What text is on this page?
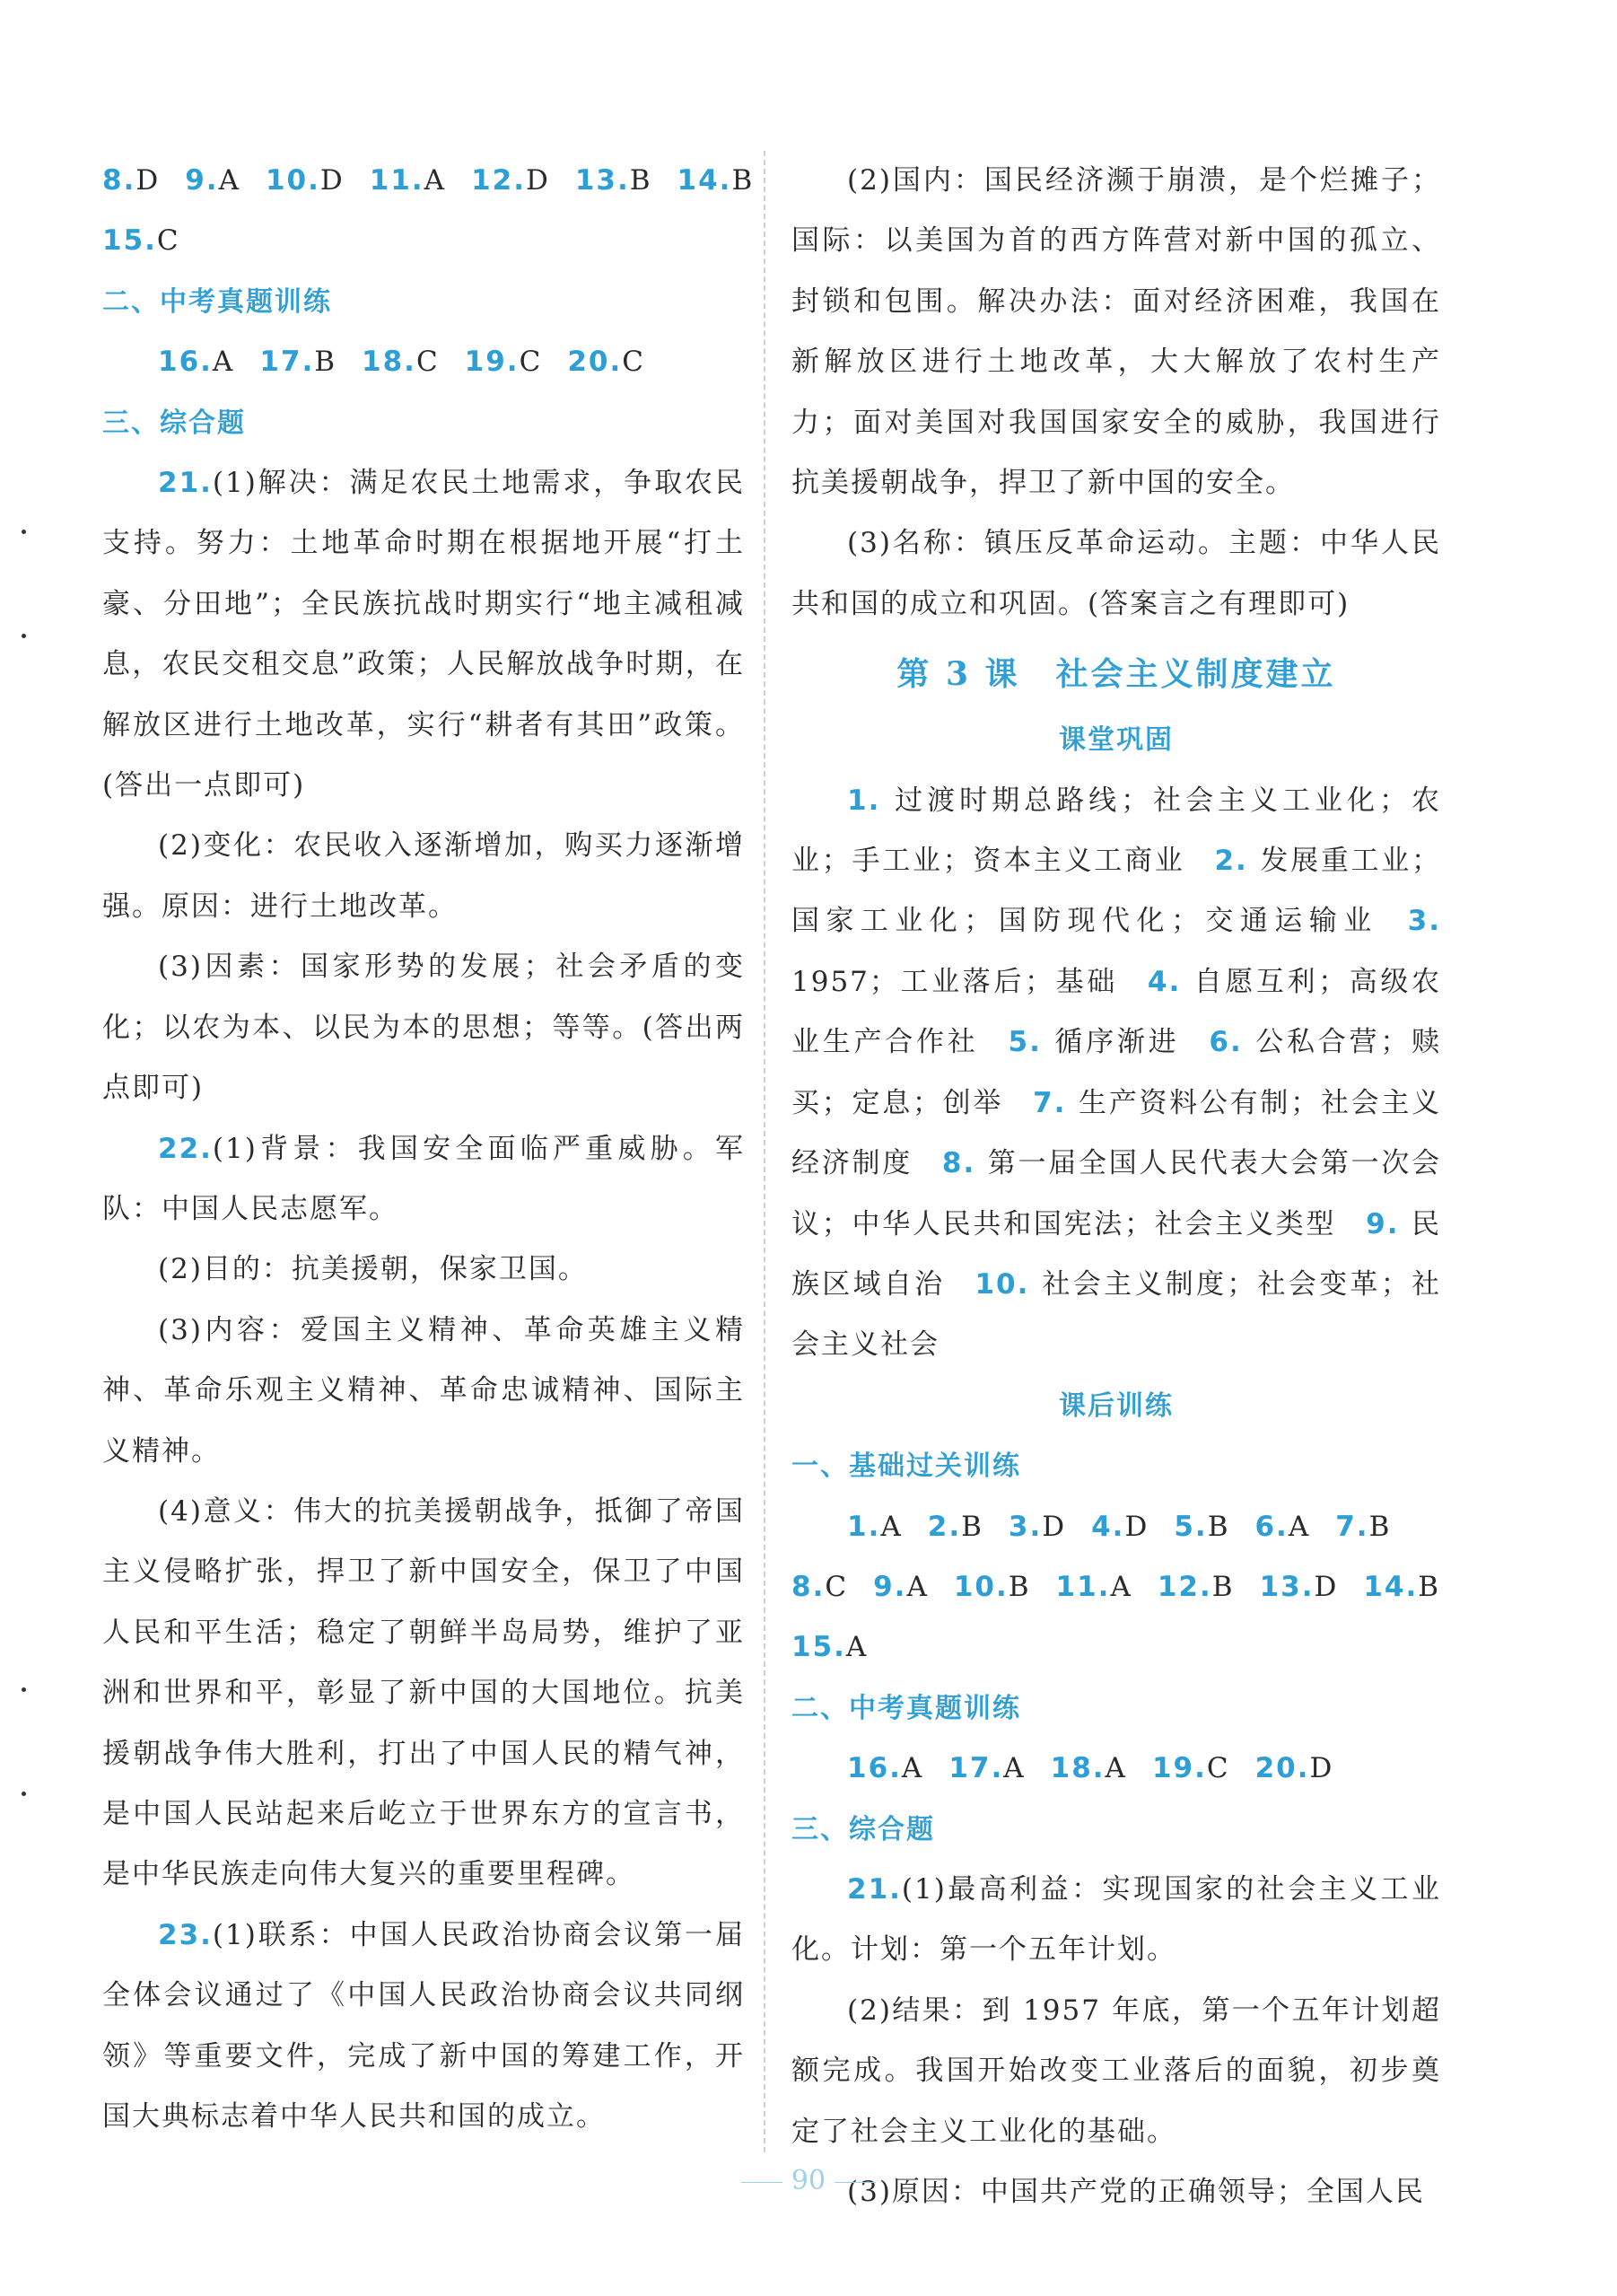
8.D 9.A 10.D 11.A 12.D 13.B 14.B

15.C

二、中考真题训练

16.A 17.B 18.C 19.C 20.C

三、综合题

21.(1)解决：满足农民土地需求，争取农民支持。努力：土地革命时期在根据地开展“打土豪、分田地”；全民族抗战时期实行“地主减租减息，农民交租交息”政策；人民解放战争时期，在解放区进行土地改革，实行“耕者有其田”政策。(答出一点即可)

(2)变化：农民收入逐渐增加，购买力逐渐增强。原因：进行土地改革。

(3)因素：国家形势的发展；社会矛盾的变化；以农为本、以民为本的思想；等等。(答出两点即可)

22.(1)背景：我国安全面临严重威胁。军队：中国人民志愿军。

(2)目的：抗美援朝，保家卫国。

(3)内容：爱国主义精神、革命英雄主义精神、革命乐观主义精神、革命忠诚精神、国际主义精神。

(4)意义：伟大的抗美援朝战争，抵御了帝国主义侵略扩张，捍卫了新中国安全，保卫了中国人民和平生活；稳定了朝鲜半岛局势，维护了亚洲和世界和平，彰显了新中国的大国地位。抗美援朝战争伟大胜利，打出了中国人民的精气神，是中国人民站起来后屹立于世界东方的宣言书，是中华民族走向伟大复兴的重要里程碑。

23.(1)联系：中国人民政治协商会议第一届全体会议通过了《中国人民政治协商会议共同纲领》等重要文件，完成了新中国的筹建工作，开国大典标志着中华人民共和国的成立。

(2)国内：国民经济濒于崩溃，是个烂摊子；国际：以美国为首的西方阵营对新中国的孤立、封锁和包围。解决办法：面对经济困难，我国在新解放区进行土地改革，大大解放了农村生产力；面对美国对我国国家安全的威胁，我国进行抗美援朝战争，捍卫了新中国的安全。

(3)名称：镇压反革命运动。主题：中华人民共和国的成立和巩固。(答案言之有理即可)

第 3 课 社会主义制度建立

课堂巩固

1. 过渡时期总路线；社会主义工业化；农业；手工业；资本主义工商业  2. 发展重工业；国家工业化；国防现代化；交通运输业  3. 1957；工业落后；基础  4. 自愿互利；高级农业生产合作社  5. 循序渐进  6. 公私合营；赎买；定息；创举  7. 生产资料公有制；社会主义经济制度  8. 第一届全国人民代表大会第一次会议；中华人民共和国宪法；社会主义类型  9. 民族区域自治  10. 社会主义制度；社会变革；社会主义社会

课后训练

一、基础过关训练

1.A 2.B 3.D 4.D 5.B 6.A 7.B

8.C 9.A 10.B 11.A 12.B 13.D 14.B

15.A

二、中考真题训练

16.A 17.A 18.A 19.C 20.D

三、综合题

21.(1)最高利益：实现国家的社会主义工业化。计划：第一个五年计划。

(2)结果：到 1957 年底，第一个五年计划超额完成。我国开始改变工业落后的面貌，初步奠定了社会主义工业化的基础。

(3)原因：中国共产党的正确领导；全国人民

90
